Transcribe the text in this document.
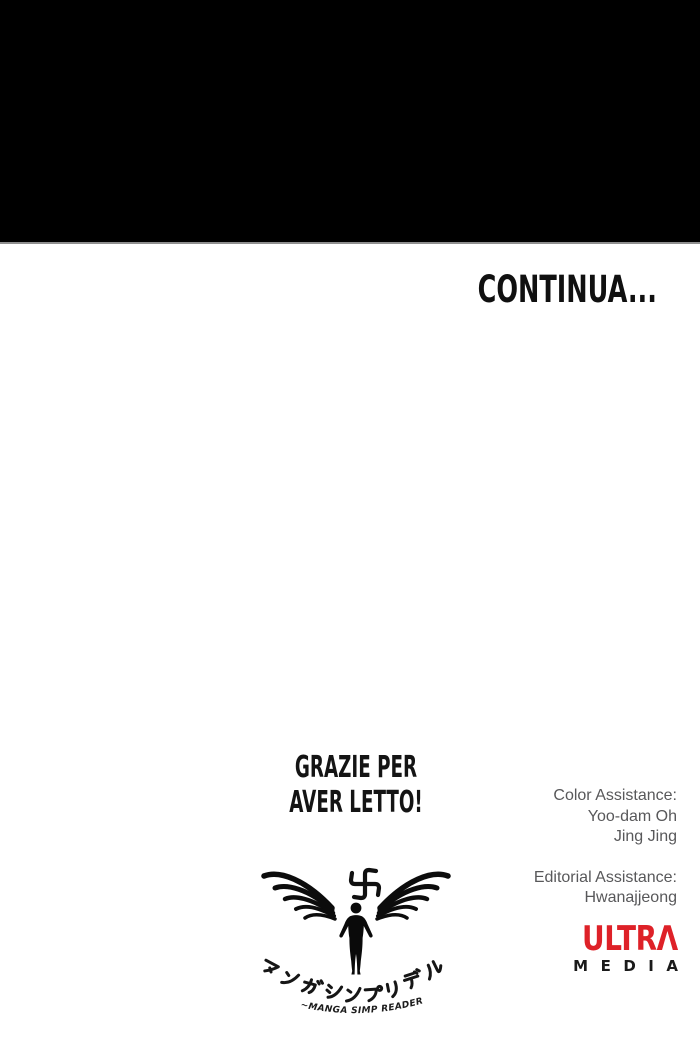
CONTINUA...
GRAZIE PER
AVER LETTO!	Color Assistance:
Yoo-dam Oh
Jing Jing
Editorial Assistance:
Hwanajjeong
~MANGA SIMP READER
ULTRΛ
MEDIA
